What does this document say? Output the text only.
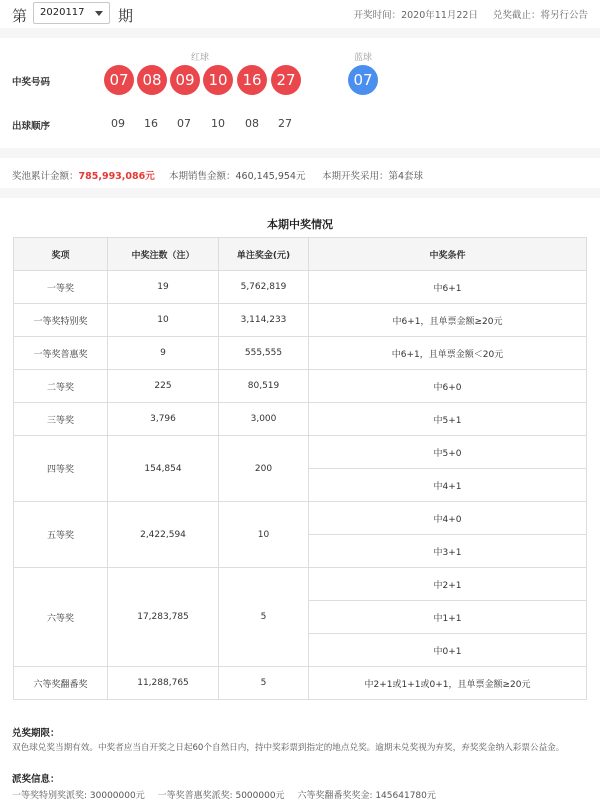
第	2020117	期	开奖时间：2020年11月22日 兑奖截止：将另行公告
红球	蓝球
中奖号码	07 08 09 10 16 27	07
出球顺序	09	16	07	10	08	27
奖池累计金额：785,993,086元 本期销售金额：460,145,954元 本期开奖采用：第4套球
本期中奖情况
奖项	中奖注数（注）	单注奖金(元)	中奖条件
一等奖	19	5,762,819	中6+1
一等奖特别奖	10	3,114,233	中6+1，且单票金额≥20元
一等奖普惠奖	9	555,555	中6+1，且单票金额＜20元
二等奖	225	80,519	中6+0
三等奖	3,796	3,000	中5+1
四等奖	154,854	200	中5+0
			中4+1
五等奖	2,422,594	10	中4+0
			中3+1
六等奖	17,283,785	5	中2+1
			中1+1
			中0+1
六等奖翻番奖	11,288,765	5	中2+1或1+1或0+1，且单票金额≥20元
兑奖期限：
双色球兑奖当期有效。中奖者应当自开奖之日起60个自然日内，持中奖彩票到指定的地点兑奖。逾期未兑奖视为弃奖，弃奖奖金纳入彩票公益金。
派奖信息：
一等奖特别奖派奖: 30000000元 一等奖普惠奖派奖: 5000000元 六等奖翻番奖奖金: 145641780元
